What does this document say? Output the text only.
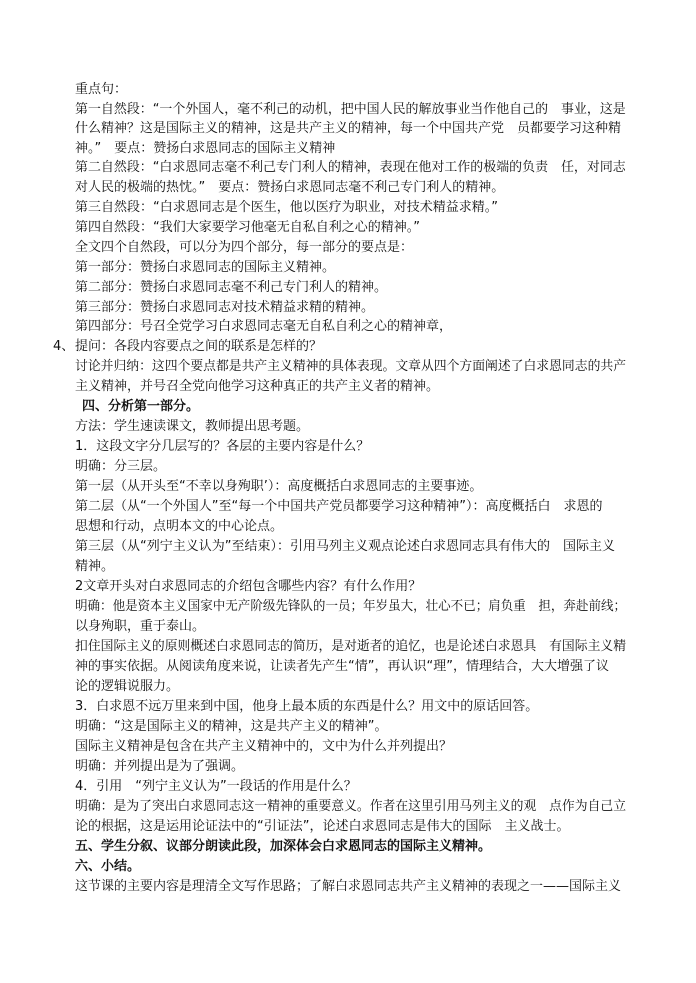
重点句：
第一自然段：“一个外国人，毫不利己的动机，把中国人民的解放事业当作他自己的　事业，这是
什么精神？这是国际主义的精神，这是共产主义的精神，每一个中国共产党　员都要学习这种精
神。”　要点：赞扬白求恩同志的国际主义精神
第二自然段：“白求恩同志毫不利己专门利人的精神，表现在他对工作的极端的负责　任，对同志
对人民的极端的热忱。”　要点：赞扬白求恩同志毫不利己专门利人的精神。
第三自然段：“白求恩同志是个医生，他以医疗为职业，对技术精益求精。”
第四自然段：“我们大家要学习他毫无自私自利之心的精神。”
全文四个自然段，可以分为四个部分，每一部分的要点是：
第一部分：赞扬白求恩同志的国际主义精神。
第二部分：赞扬白求恩同志毫不利己专门利人的精神。
第三部分：赞扬白求恩同志对技术精益求精的精神。
第四部分：号召全党学习白求恩同志毫无自私自利之心的精神章，
4、 提问：各段内容要点之间的联系是怎样的？
讨论并归纳：这四个要点都是共产主义精神的具体表现。文章从四个方面阐述了白求恩同志的共产
主义精神，并号召全党向他学习这种真正的共产主义者的精神。
四、分析第一部分。
方法：学生速读课文，教师提出思考题。
1．这段文字分几层写的？各层的主要内容是什么？
明确：分三层。
第一层（从开头至“不幸以身殉职’）：高度概括白求恩同志的主要事迹。
第二层（从“一个外国人”至“每一个中国共产党员都要学习这种精神”）：高度概括白　求恩的
思想和行动，点明本文的中心论点。
第三层（从“列宁主义认为”至结束）：引用马列主义观点论述白求恩同志具有伟大的　国际主义
精神。
2文章开头对白求恩同志的介绍包含哪些内容？有什么作用？
明确：他是资本主义国家中无产阶级先锋队的一员；年岁虽大，壮心不已；肩负重　担，奔赴前线；
以身殉职，重于泰山。
扣住国际主义的原则概述白求恩同志的简历，是对逝者的追忆，也是论述白求恩具　有国际主义精
神的事实依据。从阅读角度来说，让读者先产生“情”，再认识“理”，情理结合，大大增强了议
论的逻辑说服力。
3．白求恩不远万里来到中国，他身上最本质的东西是什么？用文中的原话回答。
明确：“这是国际主义的精神，这是共产主义的精神”。
国际主义精神是包含在共产主义精神中的，文中为什么并列提出？
明确：并列提出是为了强调。
4．引用　“列宁主义认为”一段话的作用是什么？
明确：是为了突出白求恩同志这一精神的重要意义。作者在这里引用马列主义的观　点作为自己立
论的根据，这是运用论证法中的“引证法”，论述白求恩同志是伟大的国际　主义战士。
五、学生分叙、议部分朗读此段，加深体会白求恩同志的国际主义精神。
六、小结。
这节课的主要内容是理清全文写作思路；了解白求恩同志共产主义精神的表现之一——国际主义
